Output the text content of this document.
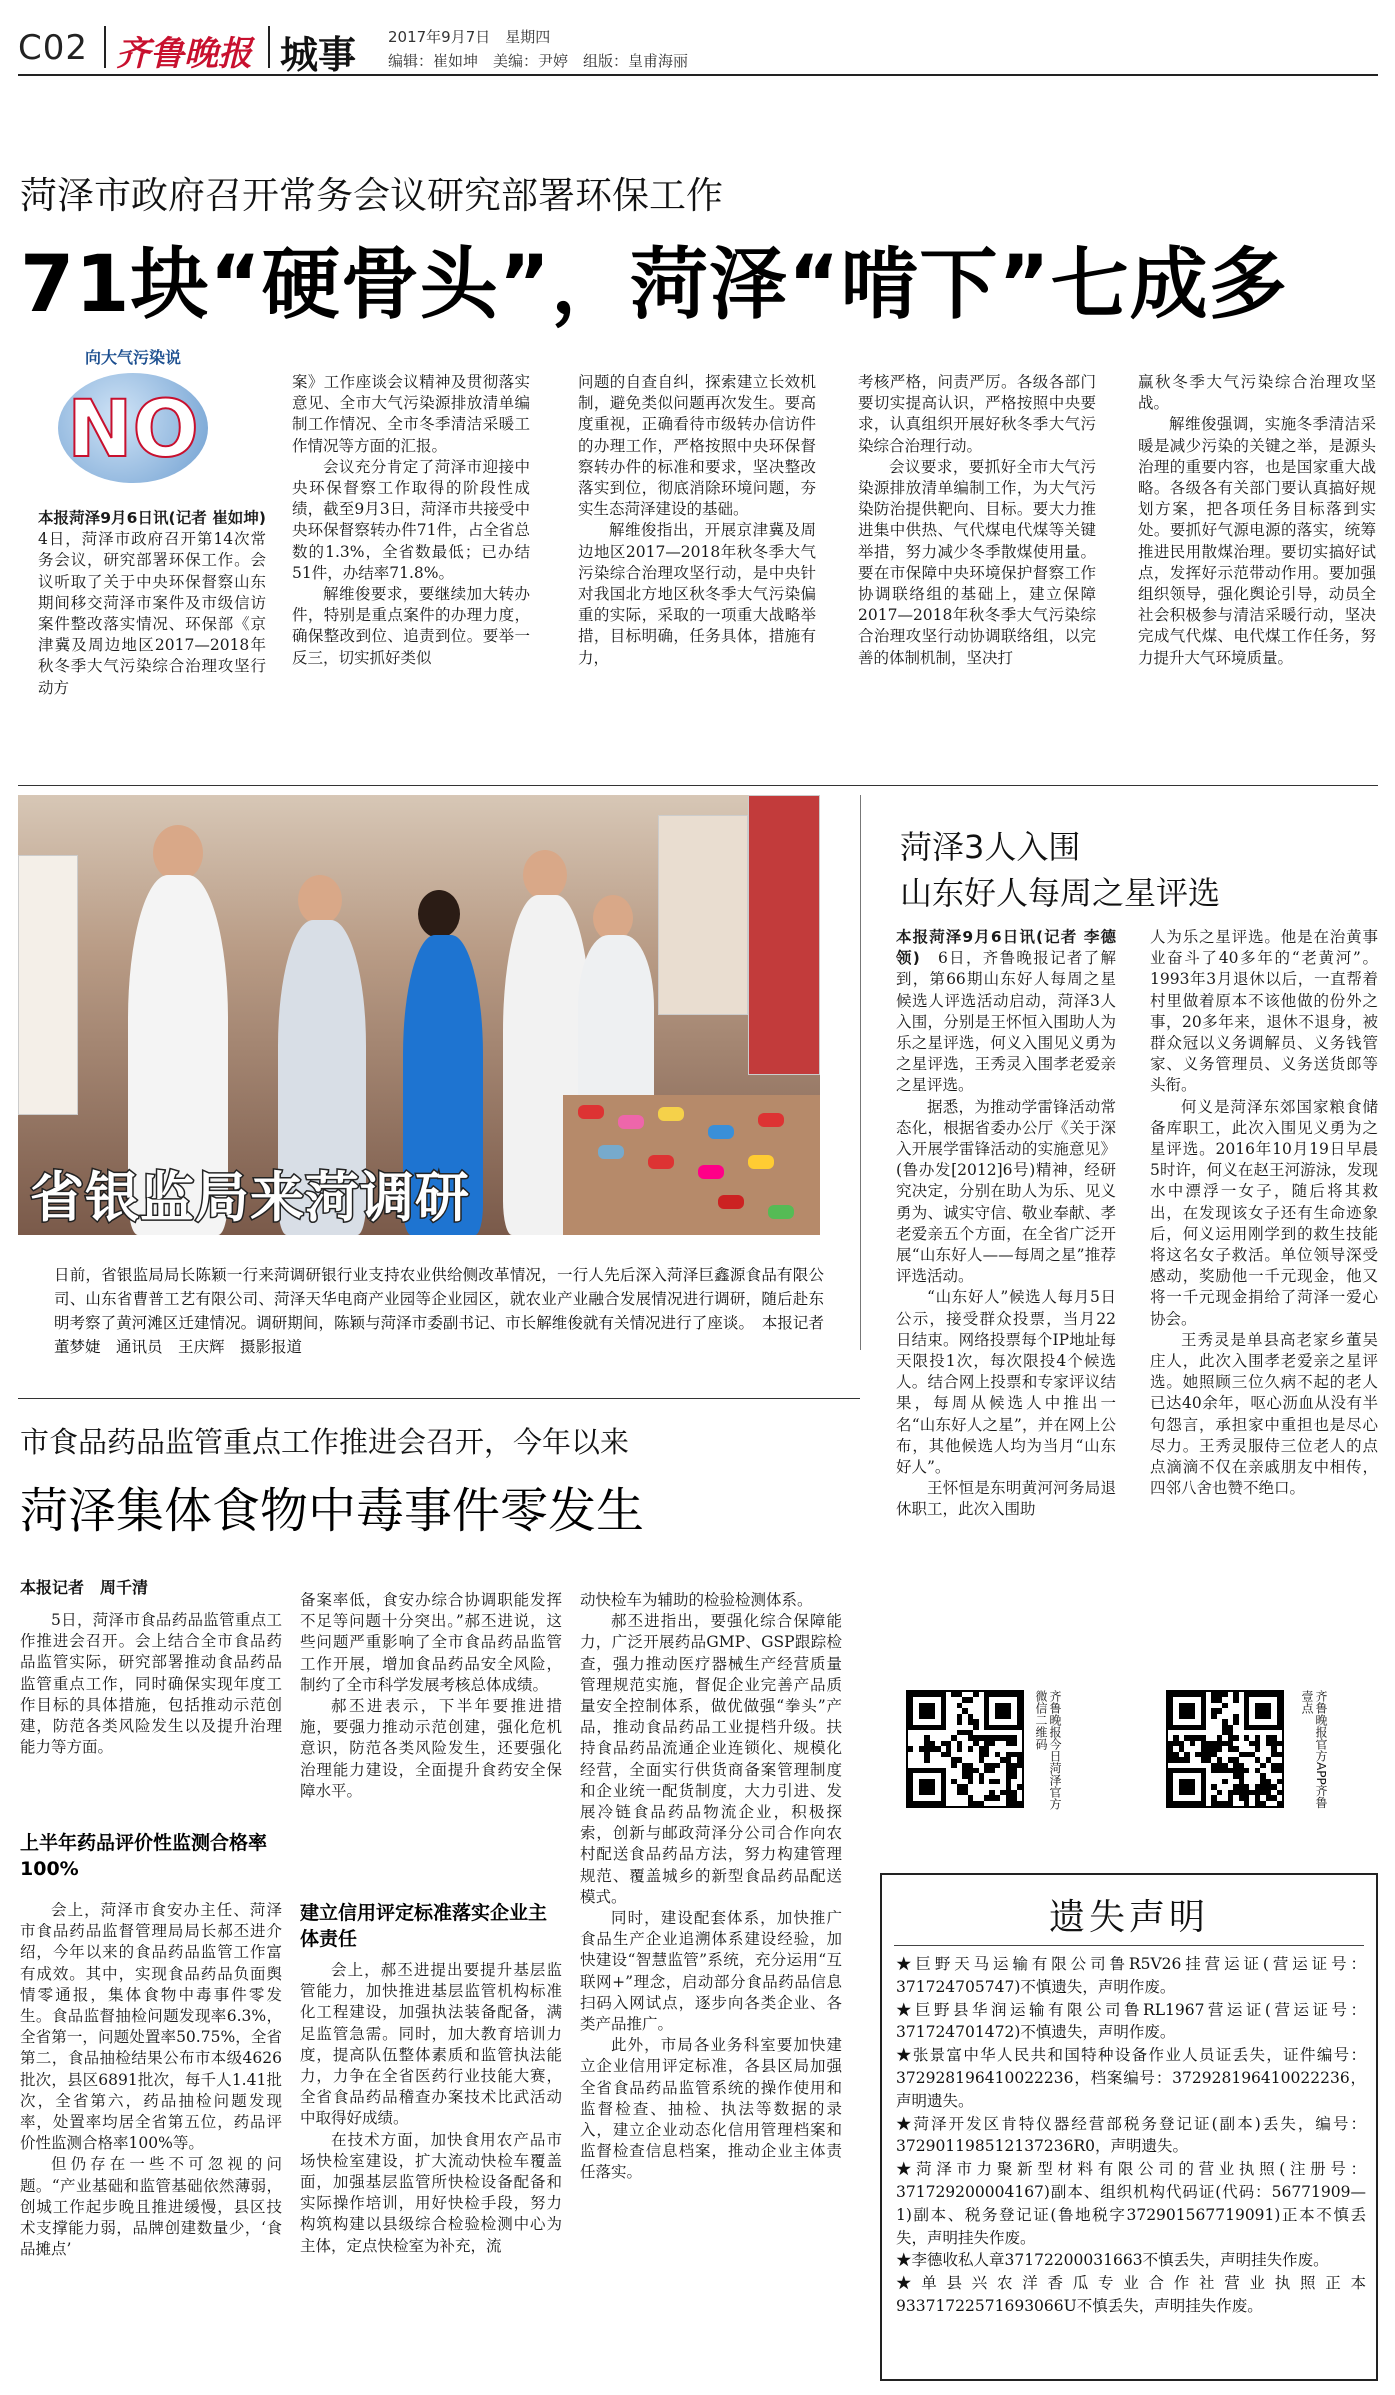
C02 齐鲁晚报 城事 2017年9月7日　 星期四
编辑：崔如坤　美编：尹婷　组版：皇甫海丽
菏泽市政府召开常务会议研究部署环保工作
71块“硬骨头”，菏泽“啃下”七成多
向大气污染说
NO

本报菏泽9月6日讯(记者 崔如坤)　4日，菏泽市政府召开第14次常务会议，研究部署环保工作。会议听取了关于中央环保督察山东期间移交菏泽市案件及市级信访案件整改落实情况、环保部《京津冀及周边地区2017—2018年秋冬季大气污染综合治理攻坚行动方

案》工作座谈会议精神及贯彻落实意见、全市大气污染源排放清单编制工作情况、全市冬季清洁采暖工作情况等方面的汇报。

会议充分肯定了菏泽市迎接中央环保督察工作取得的阶段性成绩，截至9月3日，菏泽市共接受中央环保督察转办件71件，占全省总数的1.3%，全省数最低；已办结51件，办结率71.8%。

解维俊要求，要继续加大转办件，特别是重点案件的办理力度，确保整改到位、追责到位。要举一反三，切实抓好类似

问题的自查自纠，探索建立长效机制，避免类似问题再次发生。要高度重视，正确看待市级转办信访件的办理工作，严格按照中央环保督察转办件的标准和要求，坚决整改落实到位，彻底消除环境问题，夯实生态菏泽建设的基础。

解维俊指出，开展京津冀及周边地区2017—2018年秋冬季大气污染综合治理攻坚行动，是中央针对我国北方地区秋冬季大气污染偏重的实际，采取的一项重大战略举措，目标明确，任务具体，措施有力，

考核严格，问责严厉。各级各部门要切实提高认识，严格按照中央要求，认真组织开展好秋冬季大气污染综合治理行动。

会议要求，要抓好全市大气污染源排放清单编制工作，为大气污染防治提供靶向、目标。要大力推进集中供热、气代煤电代煤等关键举措，努力减少冬季散煤使用量。要在市保障中央环境保护督察工作协调联络组的基础上，建立保障2017—2018年秋冬季大气污染综合治理攻坚行动协调联络组，以完善的体制机制，坚决打

赢秋冬季大气污染综合治理攻坚战。

解维俊强调，实施冬季清洁采暖是减少污染的关键之举，是源头治理的重要内容，也是国家重大战略。各级各有关部门要认真搞好规划方案，把各项任务目标落到实处。要抓好气源电源的落实，统筹推进民用散煤治理。要切实搞好试点，发挥好示范带动作用。要加强组织领导，强化舆论引导，动员全社会积极参与清洁采暖行动，坚决完成气代煤、电代煤工作任务，努力提升大气环境质量。

省银监局来菏调研
日前，省银监局局长陈颖一行来菏调研银行业支持农业供给侧改革情况，一行人先后深入菏泽巨鑫源食品有限公司、山东省曹普工艺有限公司、菏泽天华电商产业园等企业园区，就农业产业融合发展情况进行调研，随后赴东明考察了黄河滩区迁建情况。调研期间，陈颖与菏泽市委副书记、市长解维俊就有关情况进行了座谈。　本报记者　董梦婕　通讯员　王庆辉　摄影报道
菏泽3人入围
山东好人每周之星评选

本报菏泽9月6日讯(记者 李德领)　6日，齐鲁晚报记者了解到，第66期山东好人每周之星候选人评选活动启动，菏泽3人入围，分别是王怀恒入围助人为乐之星评选，何义入围见义勇为之星评选，王秀灵入围孝老爱亲之星评选。

据悉，为推动学雷锋活动常态化，根据省委办公厅《关于深入开展学雷锋活动的实施意见》(鲁办发[2012]6号)精神，经研究决定，分别在助人为乐、见义勇为、诚实守信、敬业奉献、孝老爱亲五个方面，在全省广泛开展“山东好人——每周之星”推荐评选活动。

“山东好人”候选人每月5日公示，接受群众投票，当月22日结束。网络投票每个IP地址每天限投1次，每次限投4个候选人。结合网上投票和专家评议结果，每周从候选人中推出一名“山东好人之星”，并在网上公布，其他候选人均为当月“山东好人”。

王怀恒是东明黄河河务局退休职工，此次入围助

人为乐之星评选。他是在治黄事业奋斗了40多年的“老黄河”。1993年3月退休以后，一直帮着村里做着原本不该他做的份外之事，20多年来，退休不退身，被群众冠以义务调解员、义务钱管家、义务管理员、义务送货郎等头衔。

何义是菏泽东郊国家粮食储备库职工，此次入围见义勇为之星评选。2016年10月19日早晨5时许，何义在赵王河游泳，发现水中漂浮一女子，随后将其救出，在发现该女子还有生命迹象后，何义运用刚学到的救生技能将这名女子救活。单位领导深受感动，奖励他一千元现金，他又将一千元现金捐给了菏泽一爱心协会。

王秀灵是单县高老家乡董吴庄人，此次入围孝老爱亲之星评选。她照顾三位久病不起的老人已达40余年，呕心沥血从没有半句怨言，承担家中重担也是尽心尽力。王秀灵服侍三位老人的点点滴滴不仅在亲戚朋友中相传，四邻八舍也赞不绝口。

齐鲁晚报今日菏泽官方微信二维码	齐鲁晚报官方APP齐鲁壹点
市食品药品监管重点工作推进会召开，今年以来
菏泽集体食物中毒事件零发生
本报记者　周千清

5日，菏泽市食品药品监管重点工作推进会召开。会上结合全市食品药品监管实际，研究部署推动食品药品监管重点工作，同时确保实现年度工作目标的具体措施，包括推动示范创建，防范各类风险发生以及提升治理能力等方面。

上半年药品评价性监测合格率100%

会上，菏泽市食安办主任、菏泽市食品药品监督管理局局长郝丕进介绍，今年以来的食品药品监管工作富有成效。其中，实现食品药品负面舆情零通报，集体食物中毒事件零发生。食品监督抽检问题发现率6.3%，全省第一，问题处置率50.75%，全省第二，食品抽检结果公布市本级4626批次，县区6891批次，每千人1.41批次，全省第六，药品抽检问题发现率，处置率均居全省第五位，药品评价性监测合格率100%等。

但仍存在一些不可忽视的问题。“产业基础和监管基础依然薄弱，创城工作起步晚且推进缓慢，县区技术支撑能力弱，品牌创建数量少，‘食品摊点’

备案率低，食安办综合协调职能发挥不足等问题十分突出。”郝丕进说，这些问题严重影响了全市食品药品监管工作开展，增加食品药品安全风险，制约了全市科学发展考核总体成绩。

郝丕进表示，下半年要推进措施，要强力推动示范创建，强化危机意识，防范各类风险发生，还要强化治理能力建设，全面提升食药安全保障水平。

建立信用评定标准落实企业主体责任

会上，郝丕进提出要提升基层监管能力，加快推进基层监管机构标准化工程建设，加强执法装备配备，满足监管急需。同时，加大教育培训力度，提高队伍整体素质和监管执法能力，力争在全省医药行业技能大赛，全省食品药品稽查办案技术比武活动中取得好成绩。

在技术方面，加快食用农产品市场快检室建设，扩大流动快检车覆盖面，加强基层监管所快检设备配备和实际操作培训，用好快检手段，努力构筑构建以县级综合检验检测中心为主体，定点快检室为补充，流

动快检车为辅助的检验检测体系。

郝丕进指出，要强化综合保障能力，广泛开展药品GMP、GSP跟踪检查，强力推动医疗器械生产经营质量管理规范实施，督促企业完善产品质量安全控制体系，做优做强“拳头”产品，推动食品药品工业提档升级。扶持食品药品流通企业连锁化、规模化经营，全面实行供货商备案管理制度和企业统一配货制度，大力引进、发展冷链食品药品物流企业，积极探索，创新与邮政菏泽分公司合作向农村配送食品药品方法，努力构建管理规范、覆盖城乡的新型食品药品配送模式。

同时，建设配套体系，加快推广食品生产企业追溯体系建设经验，加快建设“智慧监管”系统，充分运用“互联网+”理念，启动部分食品药品信息扫码入网试点，逐步向各类企业、各类产品推广。

此外，市局各业务科室要加快建立企业信用评定标准，各县区局加强全省食品药品监管系统的操作使用和监督检查、抽检、执法等数据的录入，建立企业动态化信用管理档案和监督检查信息档案，推动企业主体责任落实。

遗失声明
★巨野天马运输有限公司鲁R5V26挂营运证(营运证号：371724705747)不慎遗失，声明作废。
★巨野县华润运输有限公司鲁RL1967营运证(营运证号：371724701472)不慎遗失，声明作废。
★张景富中华人民共和国特种设备作业人员证丢失，证件编号：372928196410022236，档案编号：372928196410022236，声明遗失。
★菏泽开发区肯特仪器经营部税务登记证(副本)丢失，编号：372901198512137236R0，声明遗失。
★菏泽市力聚新型材料有限公司的营业执照(注册号：371729200004167)副本、组织机构代码证(代码：56771909—1)副本、税务登记证(鲁地税字372901567719091)正本不慎丢失，声明挂失作废。
★李德收私人章37172200031663不慎丢失，声明挂失作废。
★单县兴农洋香瓜专业合作社营业执照正本93371722571693066U不慎丢失，声明挂失作废。
